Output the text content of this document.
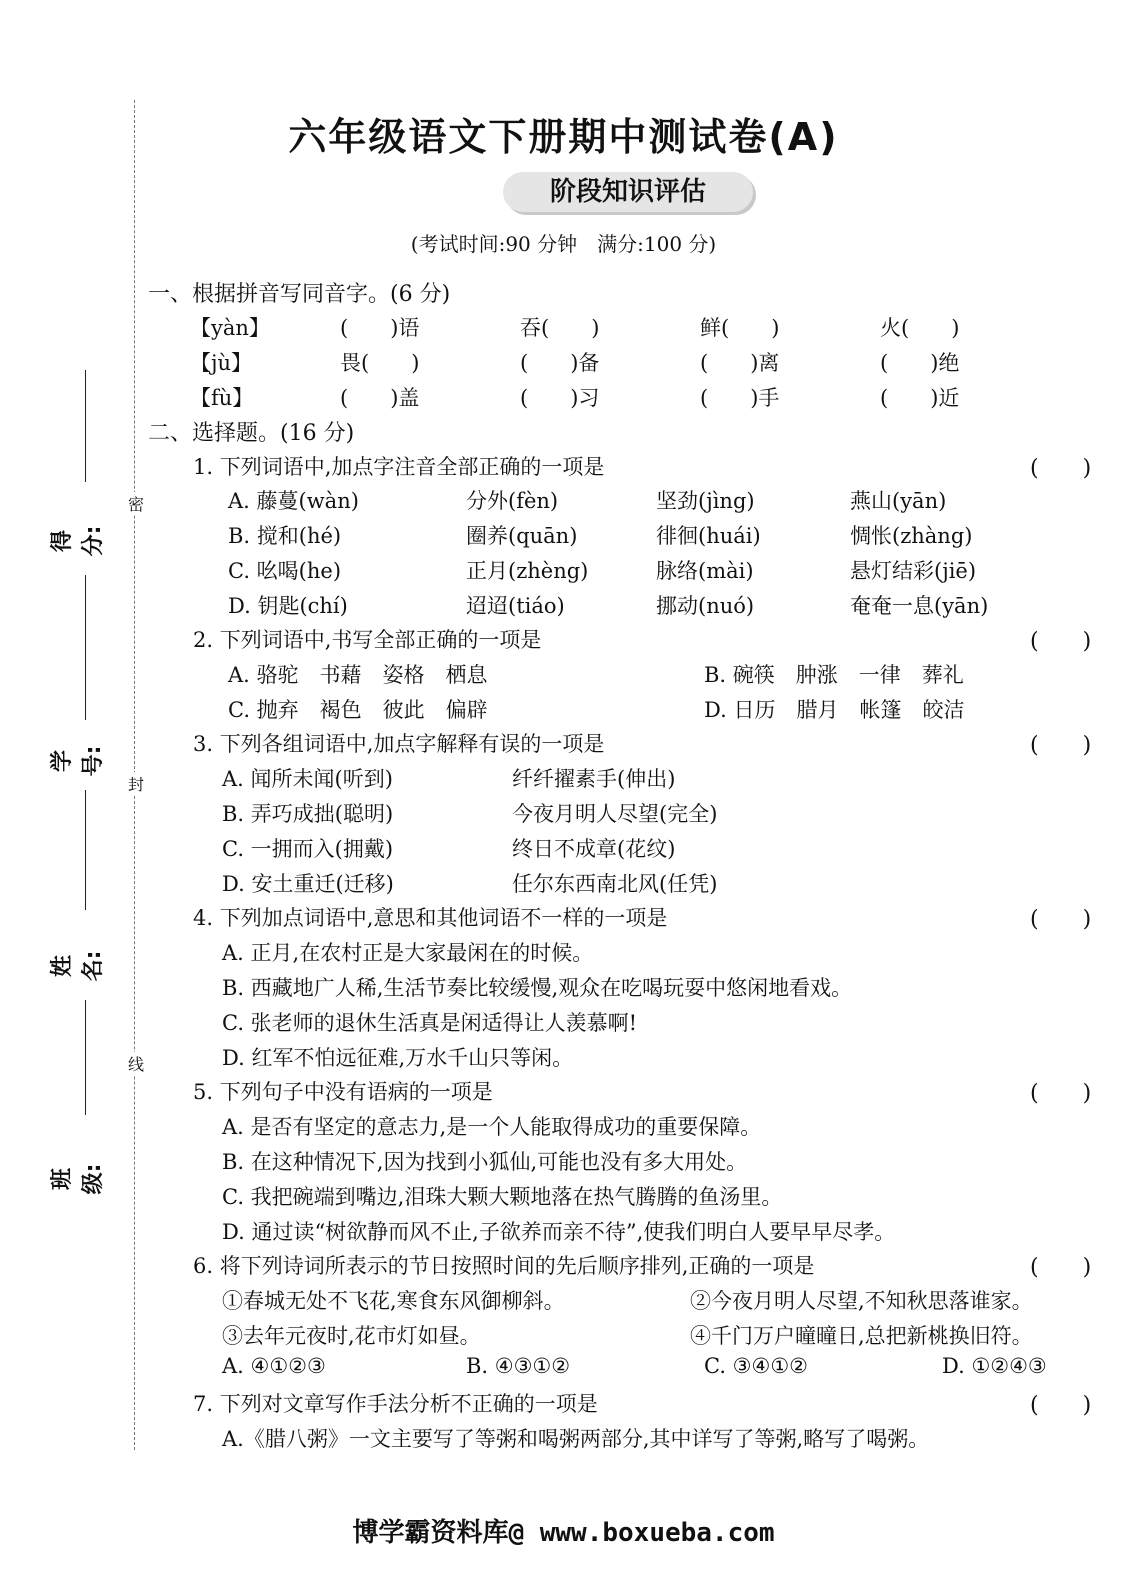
密
封
线
得分:
学号:
姓名:
班级:
六年级语文下册期中测试卷(A)
阶段知识评估
(考试时间:90 分钟　满分:100 分)
一、根据拼音写同音字。(6 分)
【yàn】	(　　)语	吞(　　)	鲜(　　)	火(　　)
【jù】	畏(　　)	(　　)备	(　　)离	(　　)绝
【fù】	(　　)盖	(　　)习	(　　)手	(　　)近
二、选择题。(16 分)
1. 下列词语中,加点字注音全部正确的一项是	(　　)
A. 藤蔓(wàn)	分外(fèn)	坚劲(jìng)	燕山(yān)
B. 搅和(hé)	圈养(quān)	徘徊(huái)	惆怅(zhàng)
C. 吆喝(he)	正月(zhèng)	脉络(mài)	悬灯结彩(jiē)
D. 钥匙(chí)	迢迢(tiáo)	挪动(nuó)	奄奄一息(yān)
2. 下列词语中,书写全部正确的一项是	(　　)
A. 骆驼　书藉　姿格　栖息	B. 碗筷　肿涨　一律　葬礼
C. 抛弃　褐色　彼此　偏辟	D. 日历　腊月　帐篷　皎洁
3. 下列各组词语中,加点字解释有误的一项是	(　　)
A. 闻所未闻(听到)	纤纤擢素手(伸出)
B. 弄巧成拙(聪明)	今夜月明人尽望(完全)
C. 一拥而入(拥戴)	终日不成章(花纹)
D. 安土重迁(迁移)	任尔东西南北风(任凭)
4. 下列加点词语中,意思和其他词语不一样的一项是	(　　)
A. 正月,在农村正是大家最闲在的时候。
B. 西藏地广人稀,生活节奏比较缓慢,观众在吃喝玩耍中悠闲地看戏。
C. 张老师的退休生活真是闲适得让人羡慕啊!
D. 红军不怕远征难,万水千山只等闲。
5. 下列句子中没有语病的一项是	(　　)
A. 是否有坚定的意志力,是一个人能取得成功的重要保障。
B. 在这种情况下,因为找到小狐仙,可能也没有多大用处。
C. 我把碗端到嘴边,泪珠大颗大颗地落在热气腾腾的鱼汤里。
D. 通过读“树欲静而风不止,子欲养而亲不待”,使我们明白人要早早尽孝。
6. 将下列诗词所表示的节日按照时间的先后顺序排列,正确的一项是	(　　)
①春城无处不飞花,寒食东风御柳斜。	②今夜月明人尽望,不知秋思落谁家。
③去年元夜时,花市灯如昼。	④千门万户曈曈日,总把新桃换旧符。
A. ④①②③	B. ④③①②	C. ③④①②	D. ①②④③
7. 下列对文章写作手法分析不正确的一项是	(　　)
A.《腊八粥》一文主要写了等粥和喝粥两部分,其中详写了等粥,略写了喝粥。
博学霸资料库@ www.boxueba.com
